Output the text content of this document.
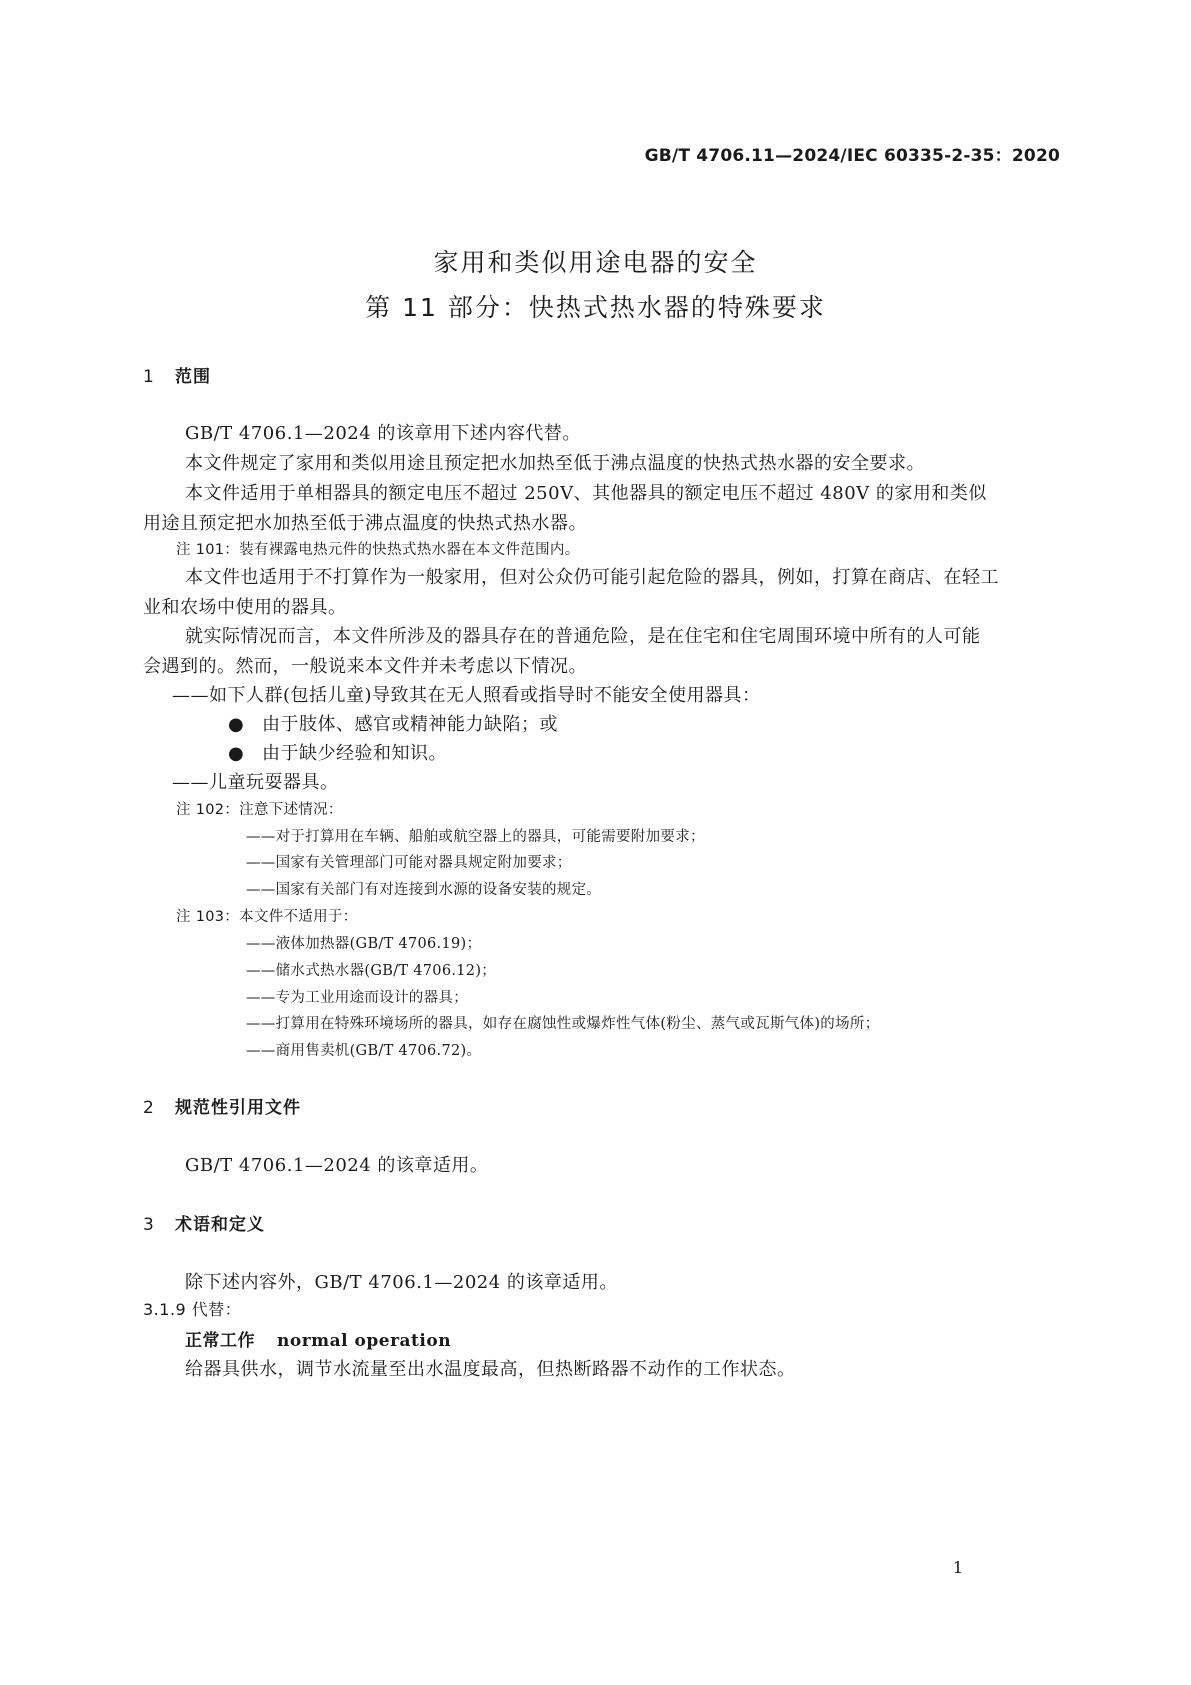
GB/T 4706.11—2024/IEC 60335-2-35：2020
家用和类似用途电器的安全
第 11 部分：快热式热水器的特殊要求
1 范围
GB/T 4706.1—2024 的该章用下述内容代替。
本文件规定了家用和类似用途且预定把水加热至低于沸点温度的快热式热水器的安全要求。
本文件适用于单相器具的额定电压不超过 250V、其他器具的额定电压不超过 480V 的家用和类似
用途且预定把水加热至低于沸点温度的快热式热水器。
注 101：装有裸露电热元件的快热式热水器在本文件范围内。
本文件也适用于不打算作为一般家用，但对公众仍可能引起危险的器具，例如，打算在商店、在轻工
业和农场中使用的器具。
就实际情况而言，本文件所涉及的器具存在的普通危险，是在住宅和住宅周围环境中所有的人可能
会遇到的。然而，一般说来本文件并未考虑以下情况。
——如下人群(包括儿童)导致其在无人照看或指导时不能安全使用器具：
● 由于肢体、感官或精神能力缺陷；或
● 由于缺少经验和知识。
——儿童玩耍器具。
注 102：注意下述情况：
——对于打算用在车辆、船舶或航空器上的器具，可能需要附加要求；
——国家有关管理部门可能对器具规定附加要求；
——国家有关部门有对连接到水源的设备安装的规定。
注 103：本文件不适用于：
——液体加热器(GB/T 4706.19)；
——储水式热水器(GB/T 4706.12)；
——专为工业用途而设计的器具；
——打算用在特殊环境场所的器具，如存在腐蚀性或爆炸性气体(粉尘、蒸气或瓦斯气体)的场所；
——商用售卖机(GB/T 4706.72)。
2 规范性引用文件
GB/T 4706.1—2024 的该章适用。
3 术语和定义
除下述内容外，GB/T 4706.1—2024 的该章适用。
3.1.9 代替：
正常工作 normal operation
给器具供水，调节水流量至出水温度最高，但热断路器不动作的工作状态。
1
